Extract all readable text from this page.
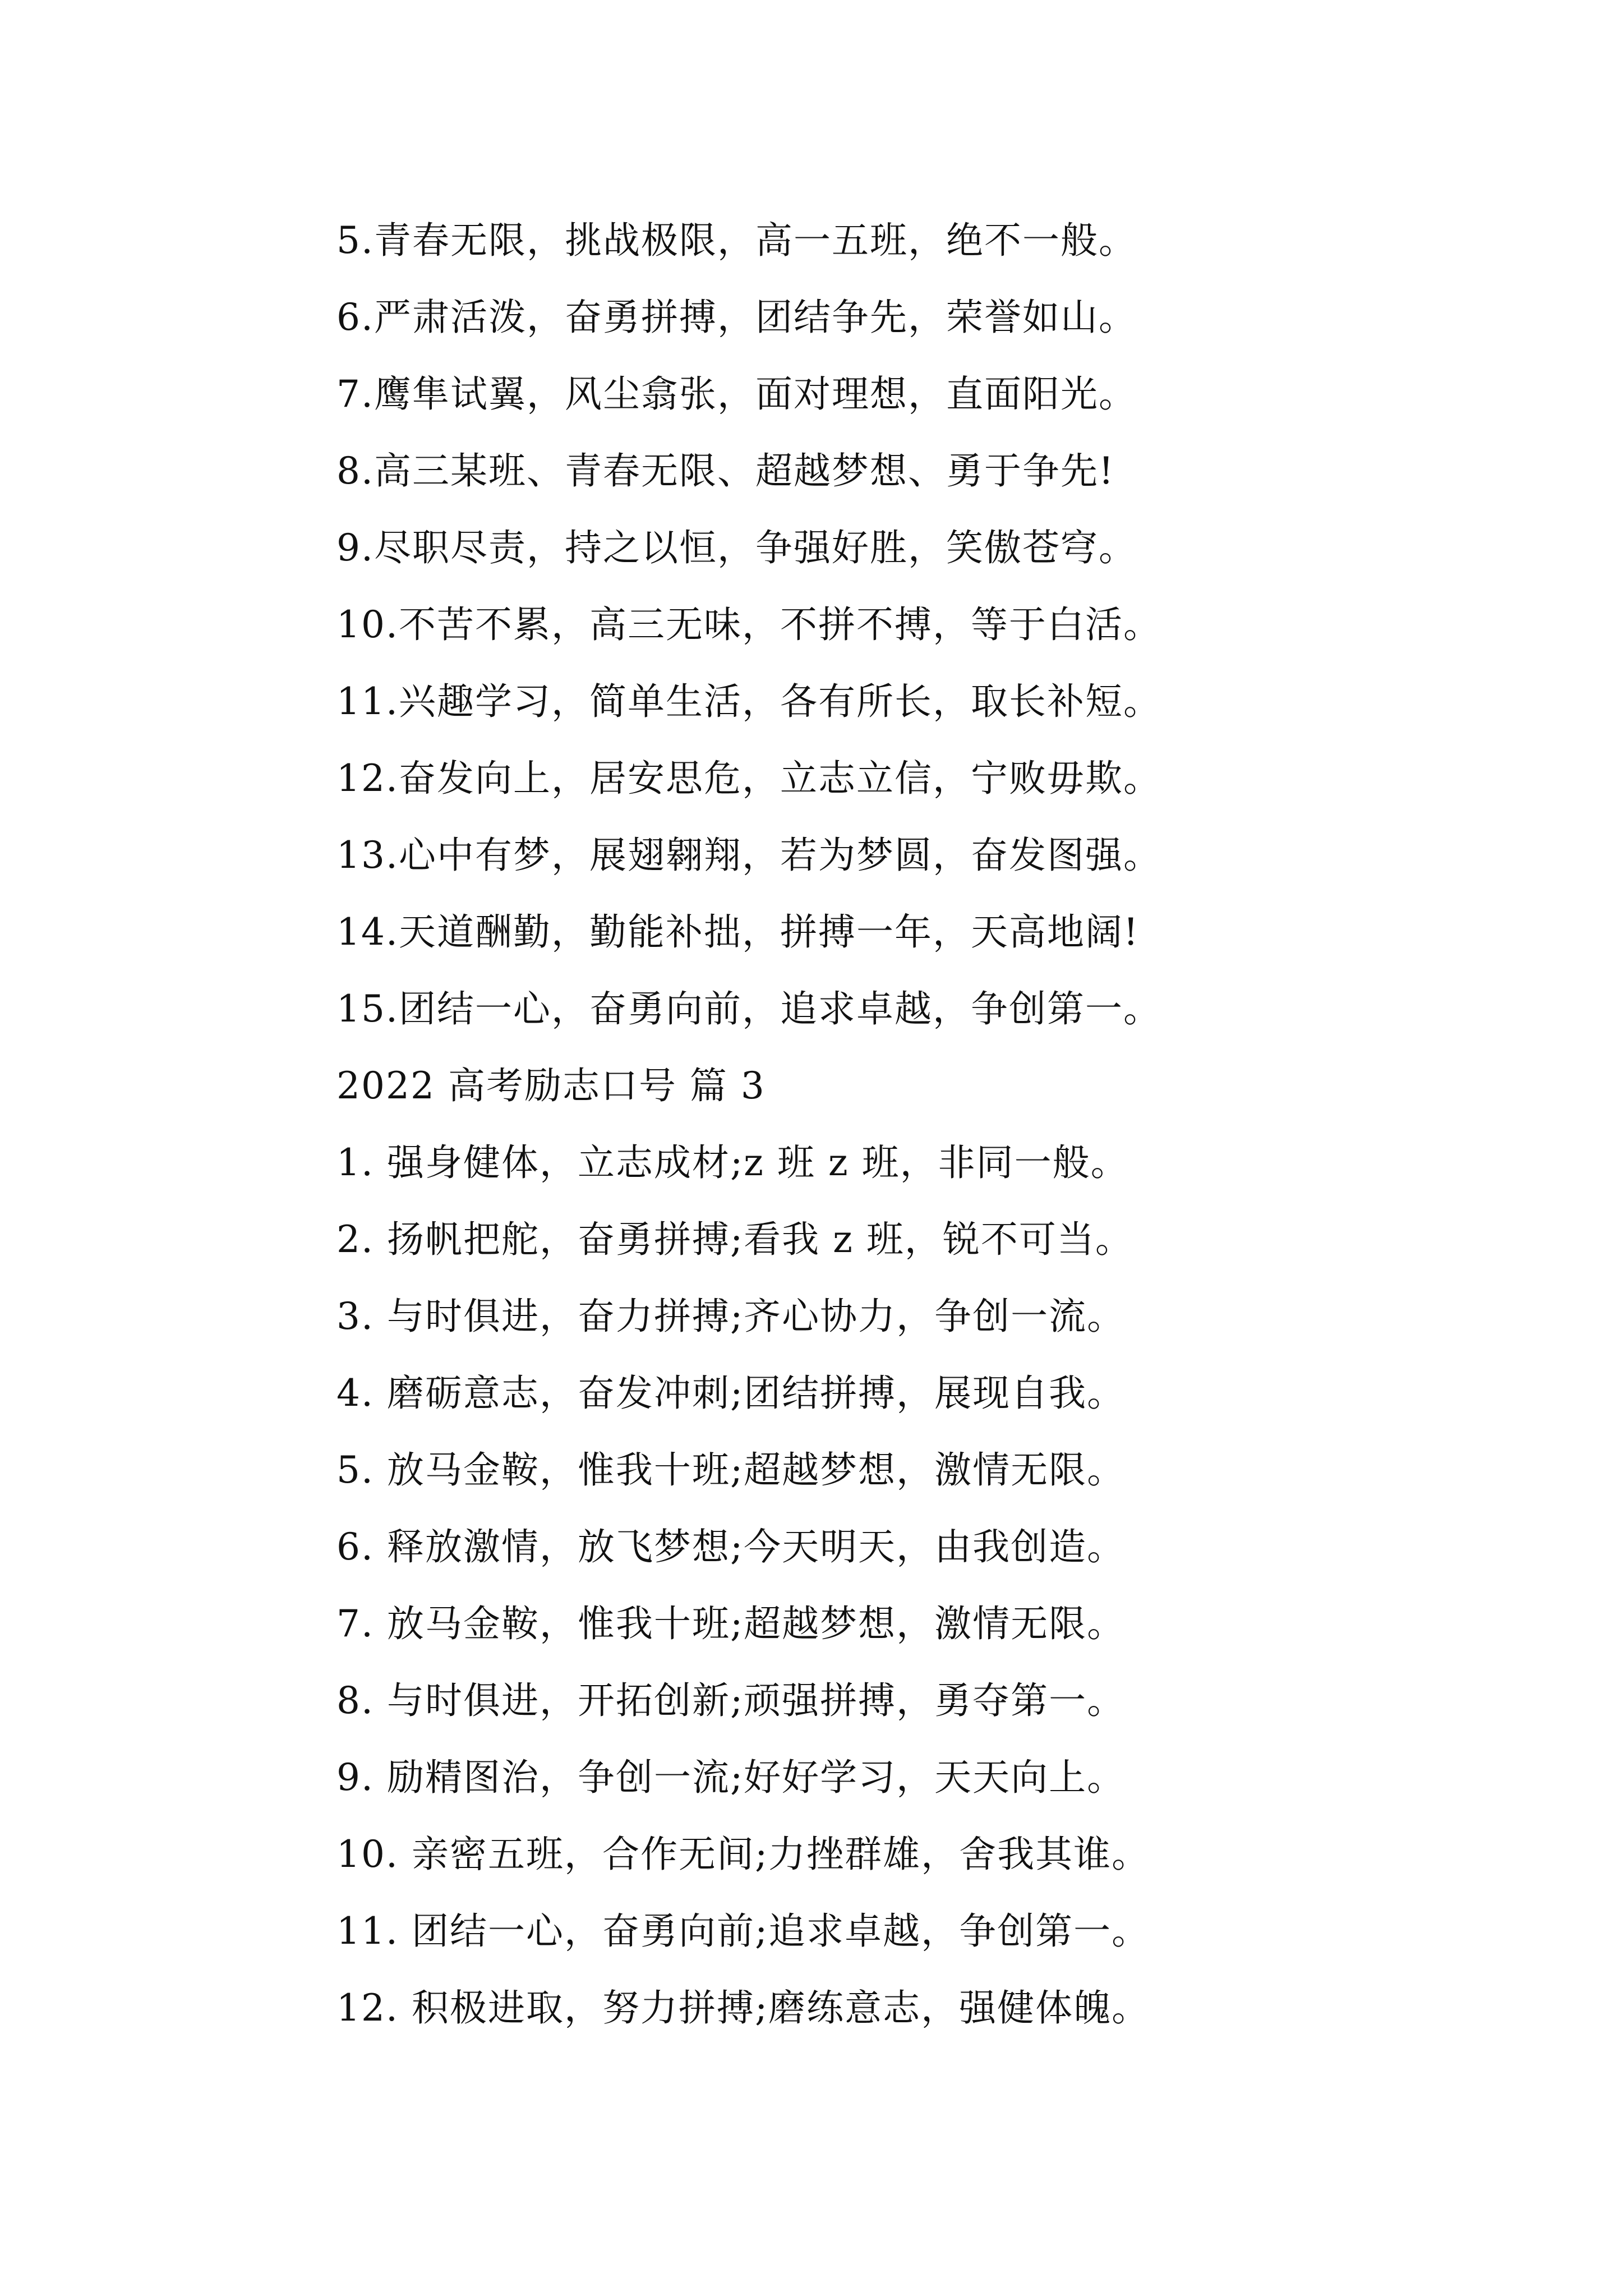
5.青春无限，挑战极限，高一五班，绝不一般。
6.严肃活泼，奋勇拼搏，团结争先，荣誉如山。
7.鹰隼试翼，风尘翕张，面对理想，直面阳光。
8.高三某班、青春无限、超越梦想、勇于争先!
9.尽职尽责，持之以恒，争强好胜，笑傲苍穹。
10.不苦不累，高三无味，不拼不搏，等于白活。
11.兴趣学习，简单生活，各有所长，取长补短。
12.奋发向上，居安思危，立志立信，宁败毋欺。
13.心中有梦，展翅翱翔，若为梦圆，奋发图强。
14.天道酬勤，勤能补拙，拼搏一年，天高地阔!
15.团结一心，奋勇向前，追求卓越，争创第一。
2022 高考励志口号 篇 3
1. 强身健体，立志成材;z 班 z 班，非同一般。
2. 扬帆把舵，奋勇拼搏;看我 z 班，锐不可当。
3. 与时俱进，奋力拼搏;齐心协力，争创一流。
4. 磨砺意志，奋发冲刺;团结拼搏，展现自我。
5. 放马金鞍，惟我十班;超越梦想，激情无限。
6. 释放激情，放飞梦想;今天明天，由我创造。
7. 放马金鞍，惟我十班;超越梦想，激情无限。
8. 与时俱进，开拓创新;顽强拼搏，勇夺第一。
9. 励精图治，争创一流;好好学习，天天向上。
10. 亲密五班，合作无间;力挫群雄，舍我其谁。
11. 团结一心，奋勇向前;追求卓越，争创第一。
12. 积极进取，努力拼搏;磨练意志，强健体魄。
